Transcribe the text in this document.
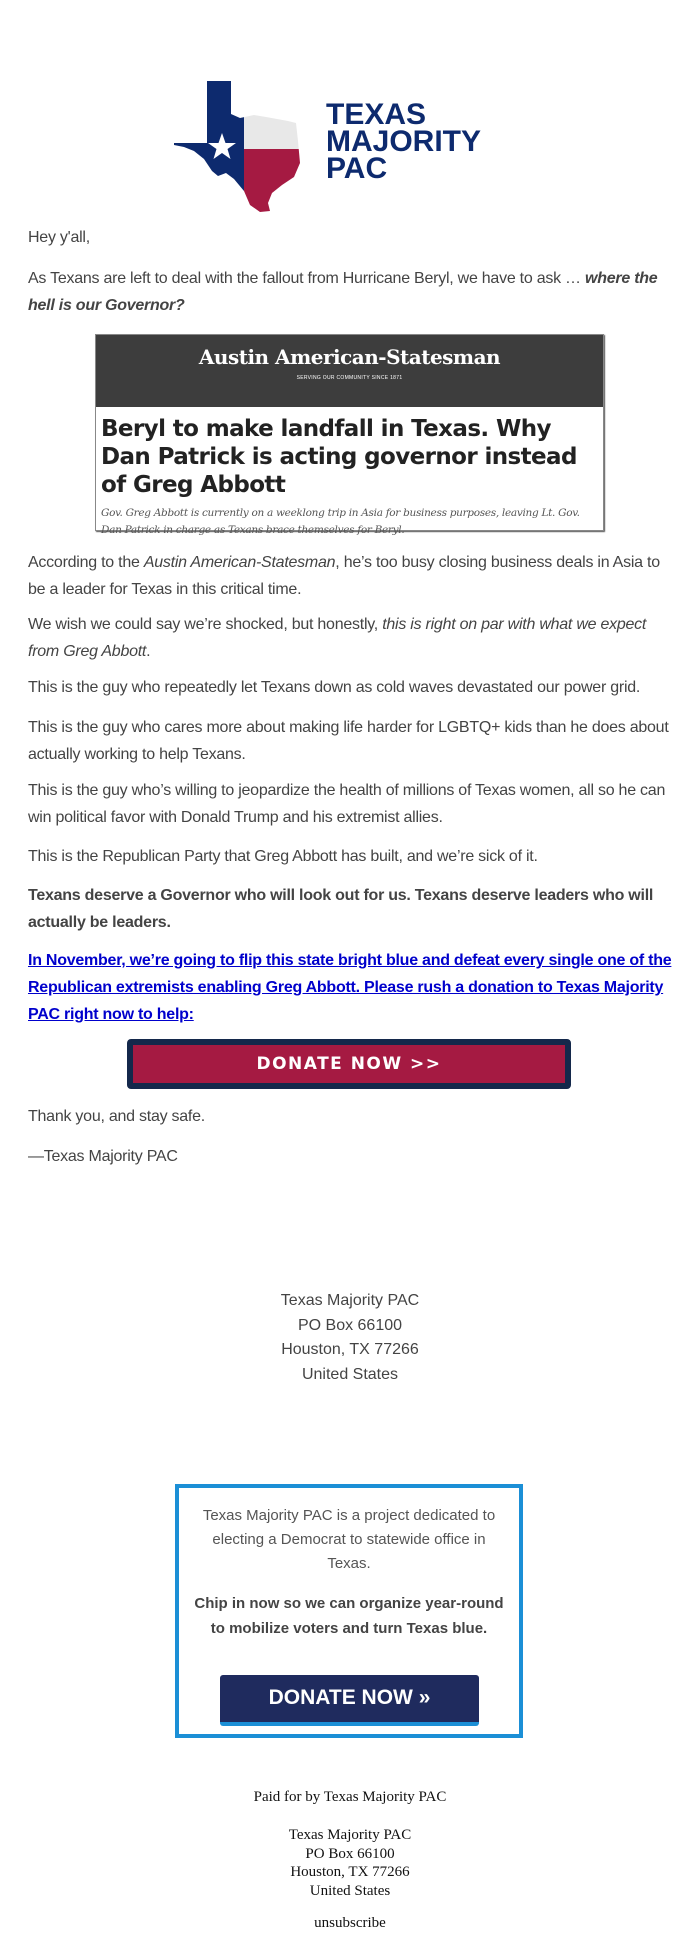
TEXAS
MAJORITY
PAC

Hey y'all,

As Texans are left to deal with the fallout from Hurricane Beryl, we have to ask … where the hell is our Governor?

Austin American-Statesman
SERVING OUR COMMUNITY SINCE 1871
Beryl to make landfall in Texas. Why Dan Patrick is acting governor instead of Greg Abbott
Gov. Greg Abbott is currently on a weeklong trip in Asia for business purposes, leaving Lt. Gov. Dan Patrick in charge as Texans brace themselves for Beryl.

According to the Austin American-Statesman, he’s too busy closing business deals in Asia to be a leader for Texas in this critical time.

We wish we could say we’re shocked, but honestly, this is right on par with what we expect from Greg Abbott.

This is the guy who repeatedly let Texans down as cold waves devastated our power grid.

This is the guy who cares more about making life harder for LGBTQ+ kids than he does about actually working to help Texans.

This is the guy who’s willing to jeopardize the health of millions of Texas women, all so he can win political favor with Donald Trump and his extremist allies.

This is the Republican Party that Greg Abbott has built, and we’re sick of it.

Texans deserve a Governor who will look out for us. Texans deserve leaders who will actually be leaders.

In November, we’re going to flip this state bright blue and defeat every single one of the Republican extremists enabling Greg Abbott. Please rush a donation to Texas Majority PAC right now to help:

DONATE NOW >>

Thank you, and stay safe.

—Texas Majority PAC

Texas Majority PAC
PO Box 66100
Houston, TX 77266
United States
Texas Majority PAC is a project dedicated to electing a Democrat to statewide office in Texas.
Chip in now so we can organize year-round to mobilize voters and turn Texas blue.
DONATE NOW »
Paid for by Texas Majority PAC
Texas Majority PAC
PO Box 66100
Houston, TX 77266
United States
unsubscribe
